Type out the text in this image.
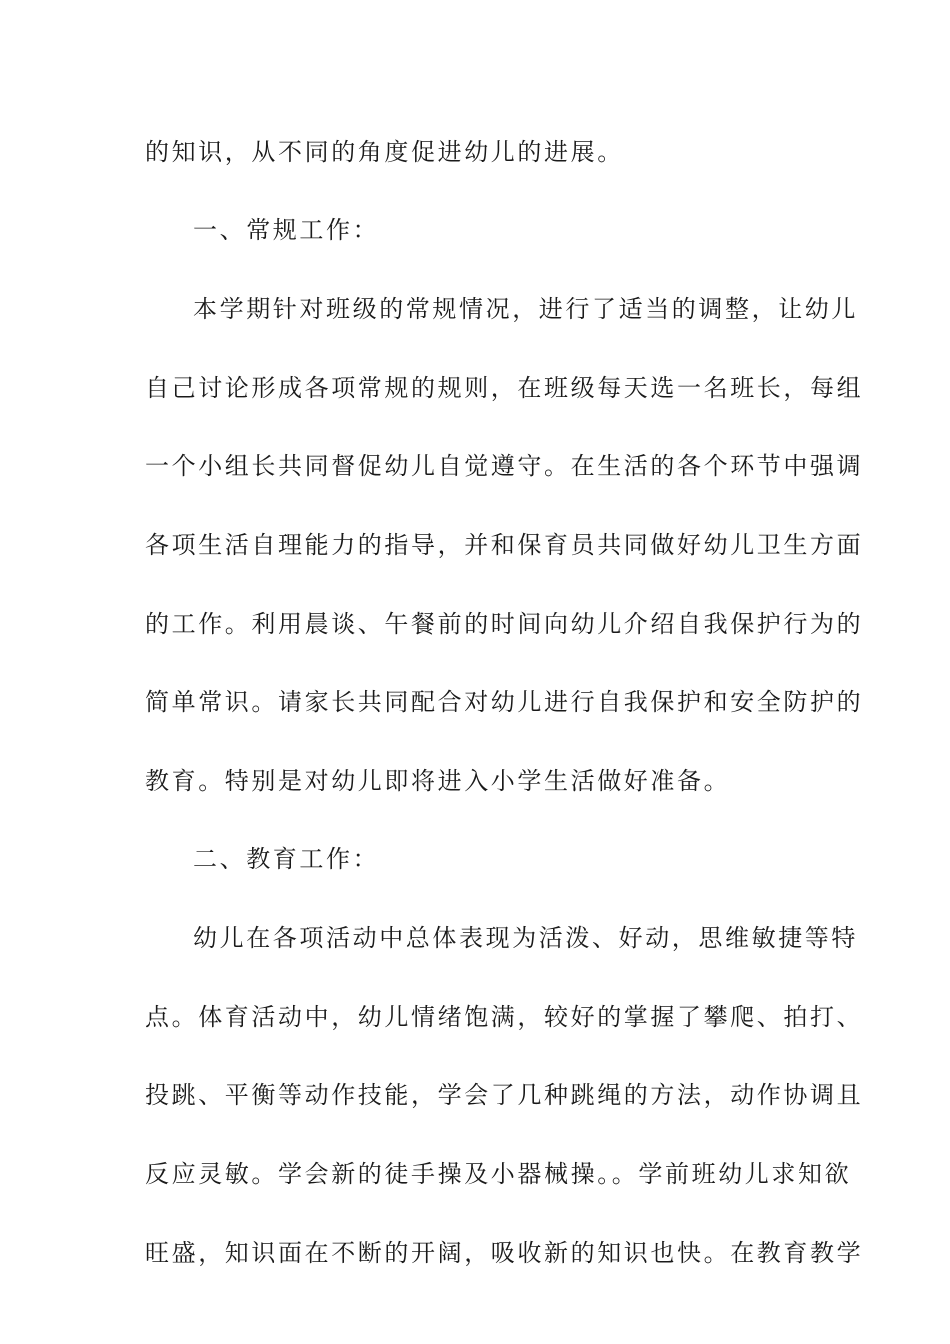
的知识，从不同的角度促进幼儿的进展。
一、常规工作：
本学期针对班级的常规情况，进行了适当的调整，让幼儿
自己讨论形成各项常规的规则，在班级每天选一名班长，每组
一个小组长共同督促幼儿自觉遵守。在生活的各个环节中强调
各项生活自理能力的指导，并和保育员共同做好幼儿卫生方面
的工作。利用晨谈、午餐前的时间向幼儿介绍自我保护行为的
简单常识。请家长共同配合对幼儿进行自我保护和安全防护的
教育。特别是对幼儿即将进入小学生活做好准备。
二、教育工作：
幼儿在各项活动中总体表现为活泼、好动，思维敏捷等特
点。体育活动中，幼儿情绪饱满，较好的掌握了攀爬、拍打、
投跳、平衡等动作技能，学会了几种跳绳的方法，动作协调且
反应灵敏。学会新的徒手操及小器械操。。学前班幼儿求知欲
旺盛，知识面在不断的开阔，吸收新的知识也快。在教育教学
